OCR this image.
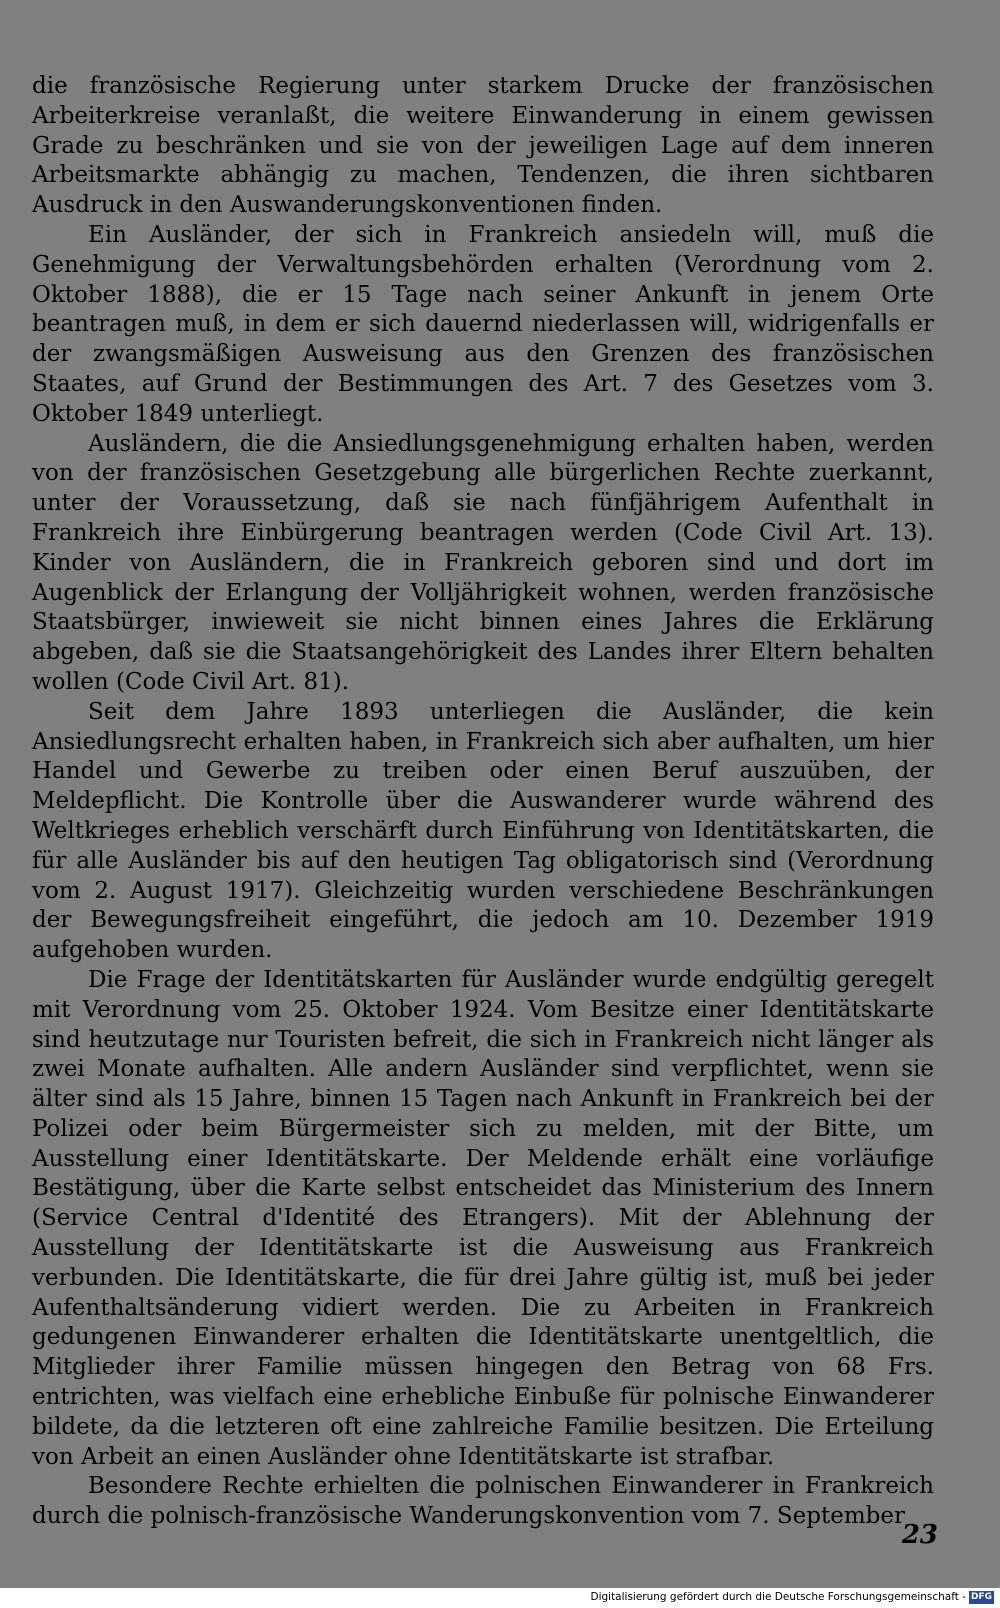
die französische Regierung unter starkem Drucke der französischen Arbeiterkreise veranlaßt, die weitere Einwanderung in einem gewissen Grade zu beschränken und sie von der jeweiligen Lage auf dem inneren Arbeitsmarkte abhängig zu machen, Tendenzen, die ihren sichtbaren Ausdruck in den Auswanderungskonventionen finden.

Ein Ausländer, der sich in Frankreich ansiedeln will, muß die Genehmigung der Verwaltungsbehörden erhalten (Verordnung vom 2. Oktober 1888), die er 15 Tage nach seiner Ankunft in jenem Orte beantragen muß, in dem er sich dauernd niederlassen will, widrigenfalls er der zwangsmäßigen Ausweisung aus den Grenzen des französischen Staates, auf Grund der Bestimmungen des Art. 7 des Gesetzes vom 3. Oktober 1849 unterliegt.

Ausländern, die die Ansiedlungsgenehmigung erhalten haben, werden von der französischen Gesetzgebung alle bürgerlichen Rechte zuerkannt, unter der Voraussetzung, daß sie nach fünfjährigem Aufenthalt in Frankreich ihre Einbürgerung beantragen werden (Code Civil Art. 13). Kinder von Ausländern, die in Frankreich geboren sind und dort im Augenblick der Erlangung der Volljährigkeit wohnen, werden französische Staatsbürger, inwieweit sie nicht binnen eines Jahres die Erklärung abgeben, daß sie die Staatsangehörigkeit des Landes ihrer Eltern behalten wollen (Code Civil Art. 81).

Seit dem Jahre 1893 unterliegen die Ausländer, die kein Ansiedlungsrecht erhalten haben, in Frankreich sich aber aufhalten, um hier Handel und Gewerbe zu treiben oder einen Beruf auszuüben, der Meldepflicht. Die Kontrolle über die Auswanderer wurde während des Weltkrieges erheblich verschärft durch Einführung von Identitätskarten, die für alle Ausländer bis auf den heutigen Tag obligatorisch sind (Verordnung vom 2. August 1917). Gleichzeitig wurden verschiedene Beschränkungen der Bewegungsfreiheit eingeführt, die jedoch am 10. Dezember 1919 aufgehoben wurden.

Die Frage der Identitätskarten für Ausländer wurde endgültig geregelt mit Verordnung vom 25. Oktober 1924. Vom Besitze einer Identitätskarte sind heutzutage nur Touristen befreit, die sich in Frankreich nicht länger als zwei Monate aufhalten. Alle andern Ausländer sind verpflichtet, wenn sie älter sind als 15 Jahre, binnen 15 Tagen nach Ankunft in Frankreich bei der Polizei oder beim Bürgermeister sich zu melden, mit der Bitte, um Ausstellung einer Identitätskarte. Der Meldende erhält eine vorläufige Bestätigung, über die Karte selbst entscheidet das Ministerium des Innern (Service Central d'Identité des Etrangers). Mit der Ablehnung der Ausstellung der Identitätskarte ist die Ausweisung aus Frankreich verbunden. Die Identitätskarte, die für drei Jahre gültig ist, muß bei jeder Aufenthaltsänderung vidiert werden. Die zu Arbeiten in Frankreich gedungenen Einwanderer erhalten die Identitätskarte unentgeltlich, die Mitglieder ihrer Familie müssen hingegen den Betrag von 68 Frs. entrichten, was vielfach eine erhebliche Einbuße für polnische Einwanderer bildete, da die letzteren oft eine zahlreiche Familie besitzen. Die Erteilung von Arbeit an einen Ausländer ohne Identitätskarte ist strafbar.

Besondere Rechte erhielten die polnischen Einwanderer in Frankreich durch die polnisch-französische Wanderungskonvention vom 7. September

23
Digitalisierung gefördert durch die Deutsche Forschungsgemeinschaft - DFG
